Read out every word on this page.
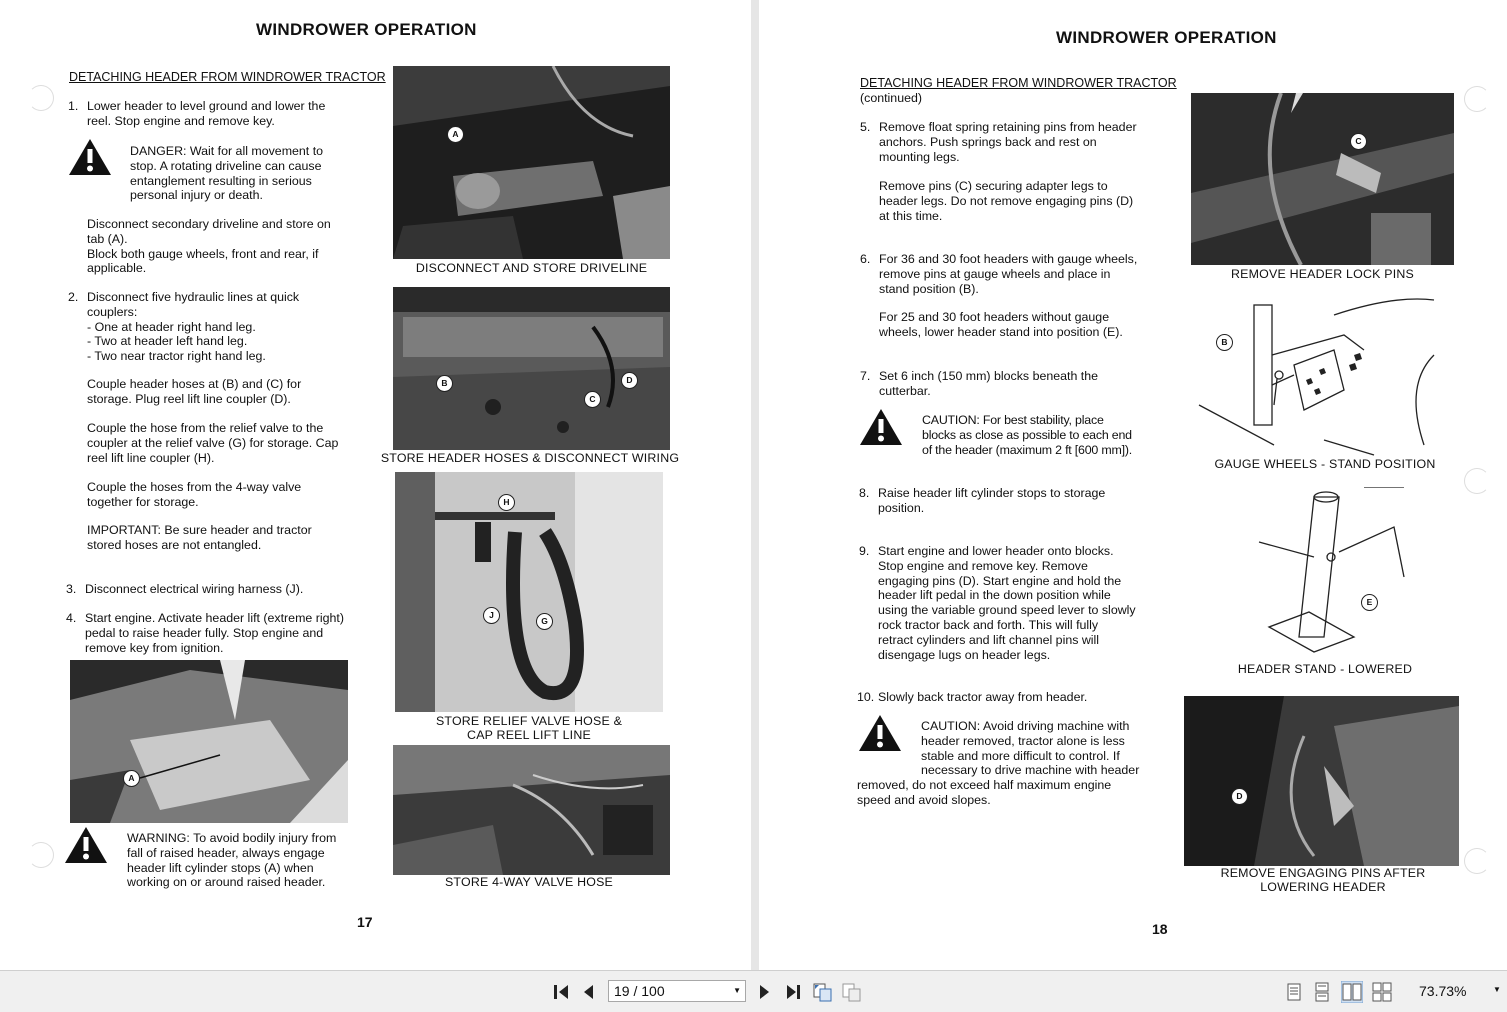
WINDROWER OPERATION
DETACHING HEADER FROM WINDROWER TRACTOR
1. Lower header to level ground and lower the
reel. Stop engine and remove key.
DANGER: Wait for all movement to
stop. A rotating driveline can cause
entanglement resulting in serious
personal injury or death.
Disconnect secondary driveline and store on
tab (A).
Block both gauge wheels, front and rear, if
applicable.
2. Disconnect five hydraulic lines at quick
couplers:
- One at header right hand leg.
- Two at header left hand leg.
- Two near tractor right hand leg.
Couple header hoses at (B) and (C) for
storage. Plug reel lift line coupler (D).
Couple the hose from the relief valve to the
coupler at the relief valve (G) for storage. Cap
reel lift line coupler (H).
Couple the hoses from the 4-way valve
together for storage.
IMPORTANT: Be sure header and tractor
stored hoses are not entangled.
3. Disconnect electrical wiring harness (J).
4. Start engine. Activate header lift (extreme right)
pedal to raise header fully. Stop engine and
remove key from ignition.
A
WARNING: To avoid bodily injury from
fall of raised header, always engage
header lift cylinder stops (A) when
working on or around raised header.
A
DISCONNECT AND STORE DRIVELINE
B
C
D
STORE HEADER HOSES & DISCONNECT WIRING
H
J
G
STORE RELIEF VALVE HOSE &
CAP REEL LIFT LINE
STORE 4-WAY VALVE HOSE
17
WINDROWER OPERATION
DETACHING HEADER FROM WINDROWER TRACTOR
(continued)
5. Remove float spring retaining pins from header
anchors. Push springs back and rest on
mounting legs.
Remove pins (C) securing adapter legs to
header legs. Do not remove engaging pins (D)
at this time.
6. For 36 and 30 foot headers with gauge wheels,
remove pins at gauge wheels and place in
stand position (B).
For 25 and 30 foot headers without gauge
wheels, lower header stand into position (E).
7. Set 6 inch (150 mm) blocks beneath the
cutterbar.
CAUTION: For best stability, place
blocks as close as possible to each end
of the header (maximum 2 ft [600 mm]).
8. Raise header lift cylinder stops to storage
position.
9. Start engine and lower header onto blocks.
Stop engine and remove key. Remove
engaging pins (D). Start engine and hold the
header lift pedal in the down position while
using the variable ground speed lever to slowly
rock tractor back and forth. This will fully
retract cylinders and lift channel pins will
disengage lugs on header legs.
10. Slowly back tractor away from header.
CAUTION: Avoid driving machine with
header removed, tractor alone is less
stable and more difficult to control. If
necessary to drive machine with header
removed, do not exceed half maximum engine
speed and avoid slopes.
C
REMOVE HEADER LOCK PINS
B
GAUGE WHEELS - STAND POSITION
E
HEADER STAND - LOWERED
D
REMOVE ENGAGING PINS AFTER
LOWERING HEADER
18
19 / 100	▼	73.73%	▼
